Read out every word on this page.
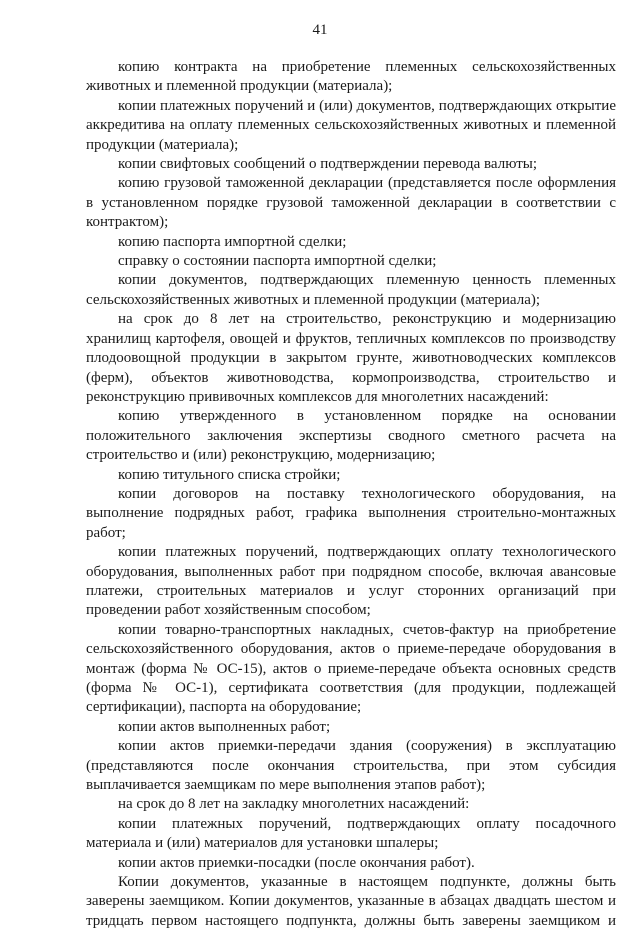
41

копию контракта на приобретение племенных сельскохозяйственных животных и племенной продукции (материала);

копии платежных поручений и (или) документов, подтверждающих открытие аккредитива на оплату племенных сельскохозяйственных животных и племенной продукции (материала);

копии свифтовых сообщений о подтверждении перевода валюты;

копию грузовой таможенной декларации (представляется после оформления в установленном порядке грузовой таможенной декларации в соответствии с контрактом);

копию паспорта импортной сделки;

справку о состоянии паспорта импортной сделки;

копии документов, подтверждающих племенную ценность племенных сельскохозяйственных животных и племенной продукции (материала);

на срок до 8 лет на строительство, реконструкцию и модернизацию хранилищ картофеля, овощей и фруктов, тепличных комплексов по производству плодоовощной продукции в закрытом грунте, животноводческих комплексов (ферм), объектов животноводства, кормопроизводства, строительство и реконструкцию прививочных комплексов для многолетних насаждений:

копию утвержденного в установленном порядке на основании положительного заключения экспертизы сводного сметного расчета на строительство и (или) реконструкцию, модернизацию;

копию титульного списка стройки;

копии договоров на поставку технологического оборудования, на выполнение подрядных работ, графика выполнения строительно-монтажных работ;

копии платежных поручений, подтверждающих оплату технологического оборудования, выполненных работ при подрядном способе, включая авансовые платежи, строительных материалов и услуг сторонних организаций при проведении работ хозяйственным способом;

копии товарно-транспортных накладных, счетов-фактур на приобретение сельскохозяйственного оборудования, актов о приеме-передаче оборудования в монтаж (форма № ОС-15), актов о приеме-передаче объекта основных средств (форма № ОС-1), сертификата соответствия (для продукции, подлежащей сертификации), паспорта на оборудование;

копии актов выполненных работ;

копии актов приемки-передачи здания (сооружения) в эксплуатацию (представляются после окончания строительства, при этом субсидия выплачивается заемщикам по мере выполнения этапов работ);

на срок до 8 лет на закладку многолетних насаждений:

копии платежных поручений, подтверждающих оплату посадочного материала и (или) материалов для установки шпалеры;

копии актов приемки-посадки (после окончания работ).

Копии документов, указанные в настоящем подпункте, должны быть заверены заемщиком. Копии документов, указанные в абзацах двадцать шестом и тридцать первом настоящего подпункта, должны быть заверены заемщиком и
